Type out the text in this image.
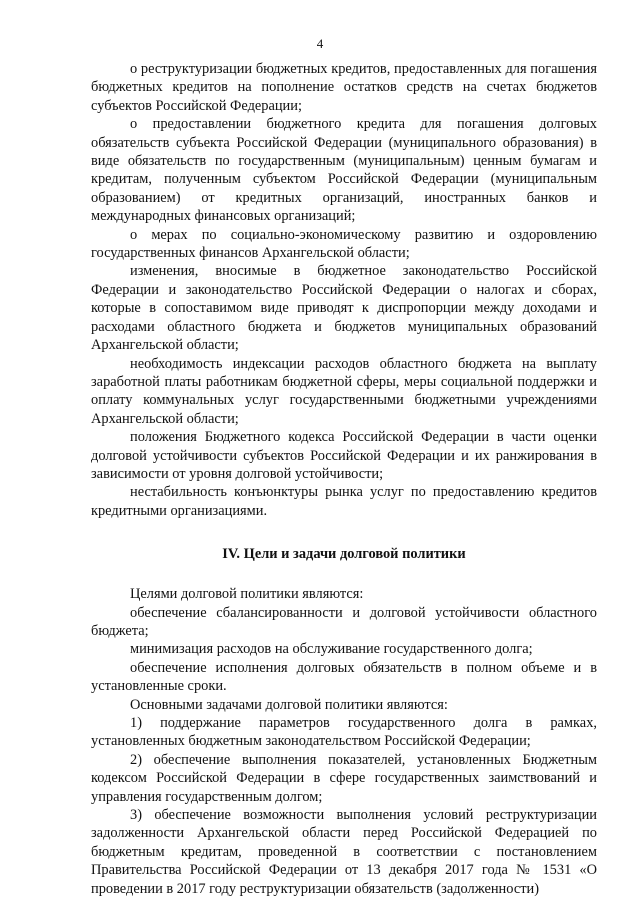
4

о реструктуризации бюджетных кредитов, предоставленных для погашения бюджетных кредитов на пополнение остатков средств на счетах бюджетов субъектов Российской Федерации;

о предоставлении бюджетного кредита для погашения долговых обязательств субъекта Российской Федерации (муниципального образования) в виде обязательств по государственным (муниципальным) ценным бумагам и кредитам, полученным субъектом Российской Федерации (муниципальным образованием) от кредитных организаций, иностранных банков и международных финансовых организаций;

о мерах по социально-экономическому развитию и оздоровлению государственных финансов Архангельской области;

изменения, вносимые в бюджетное законодательство Российской Федерации и законодательство Российской Федерации о налогах и сборах, которые в сопоставимом виде приводят к диспропорции между доходами и расходами областного бюджета и бюджетов муниципальных образований Архангельской области;

необходимость индексации расходов областного бюджета на выплату заработной платы работникам бюджетной сферы, меры социальной поддержки и оплату коммунальных услуг государственными бюджетными учреждениями Архангельской области;

положения Бюджетного кодекса Российской Федерации в части оценки долговой устойчивости субъектов Российской Федерации и их ранжирования в зависимости от уровня долговой устойчивости;

нестабильность конъюнктуры рынка услуг по предоставлению кредитов кредитными организациями.

IV. Цели и задачи долговой политики

Целями долговой политики являются:

обеспечение сбалансированности и долговой устойчивости областного бюджета;

минимизация расходов на обслуживание государственного долга;

обеспечение исполнения долговых обязательств в полном объеме и в установленные сроки.

Основными задачами долговой политики являются:

1) поддержание параметров государственного долга в рамках, установленных бюджетным законодательством Российской Федерации;

2) обеспечение выполнения показателей, установленных Бюджетным кодексом Российской Федерации в сфере государственных заимствований и управления государственным долгом;

3) обеспечение возможности выполнения условий реструктуризации задолженности Архангельской области перед Российской Федерацией по бюджетным кредитам, проведенной в соответствии с постановлением Правительства Российской Федерации от 13 декабря 2017 года № 1531 «О проведении в 2017 году реструктуризации обязательств (задолженности)
